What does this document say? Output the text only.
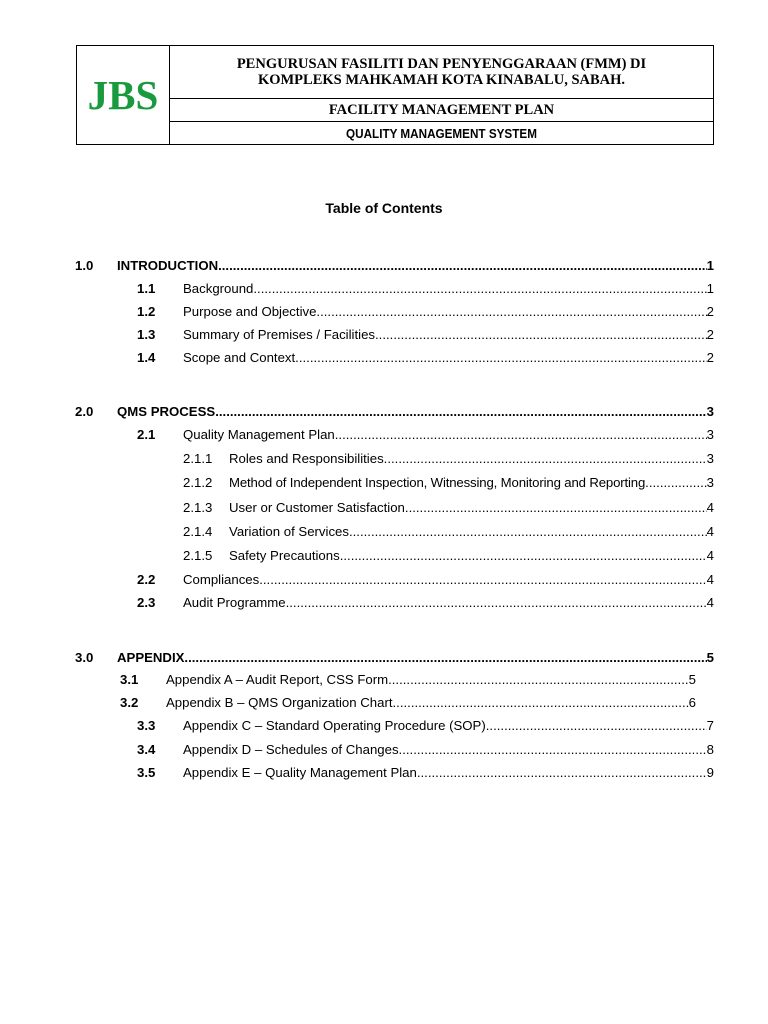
JBS
PENGURUSAN FASILITI DAN PENYENGGARAAN (FMM) DI
KOMPLEKS MAHKAMAH KOTA KINABALU, SABAH.
FACILITY MANAGEMENT PLAN
QUALITY MANAGEMENT SYSTEM
Table of Contents
1.0 INTRODUCTION .....	1
1.1 Background .....	1
1.2 Purpose and Objective .....	2
1.3 Summary of Premises / Facilities .....	2
1.4 Scope and Context .....	2
2.0 QMS PROCESS .....	3
2.1 Quality Management Plan .....	3
2.1.1 Roles and Responsibilities .....	3
2.1.2 Method of Independent Inspection, Witnessing, Monitoring and Reporting .....	3
2.1.3 User or Customer Satisfaction .....	4
2.1.4 Variation of Services .....	4
2.1.5 Safety Precautions .....	4
2.2 Compliances .....	4
2.3 Audit Programme .....	4
3.0 APPENDIX .....	5
3.1 Appendix A – Audit Report, CSS Form .....	5
3.2 Appendix B – QMS Organization Chart .....	6
3.3 Appendix C – Standard Operating Procedure (SOP) .....	7
3.4 Appendix D – Schedules of Changes .....	8
3.5 Appendix E – Quality Management Plan .....	9
